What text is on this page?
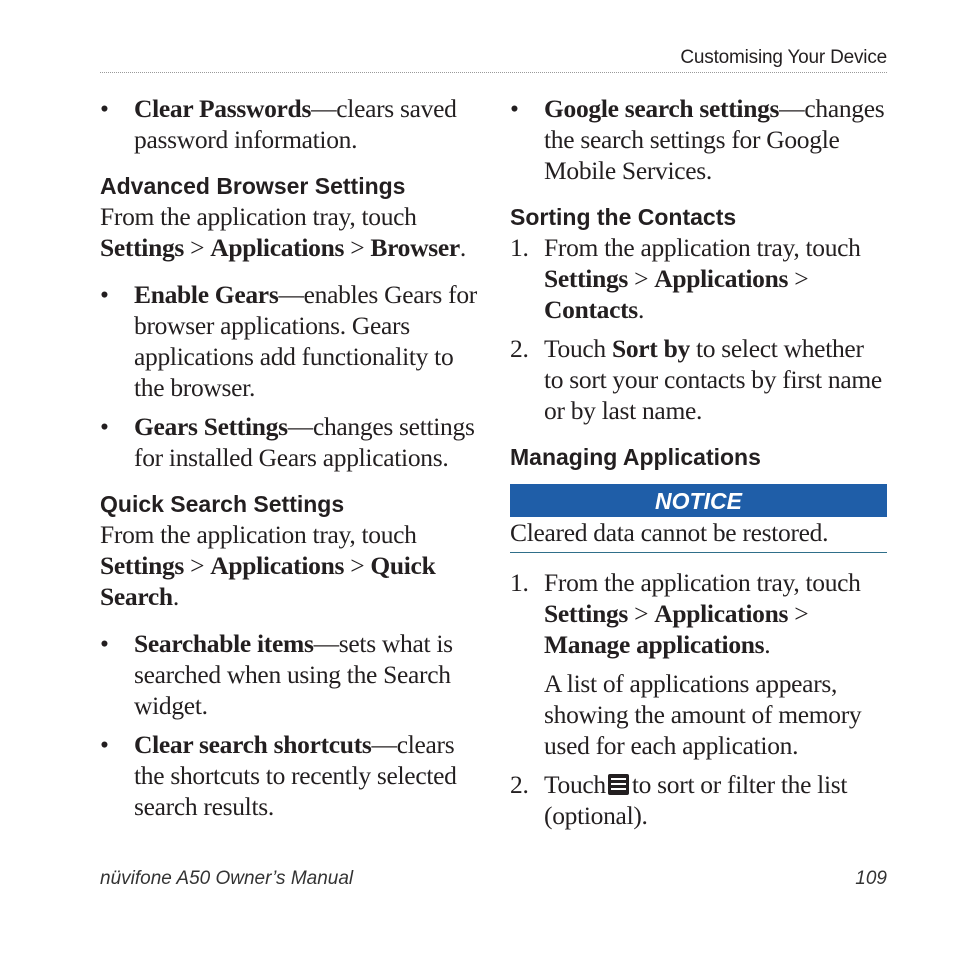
Customising Your Device
• Clear Passwords—clears saved password information.
Advanced Browser Settings
From the application tray, touch
Settings > Applications > Browser.
• Enable Gears—enables Gears for browser applications. Gears applications add functionality to the browser.
• Gears Settings—changes settings for installed Gears applications.
Quick Search Settings
From the application tray, touch
Settings > Applications > Quick Search.
• Searchable items—sets what is searched when using the Search widget.
• Clear search shortcuts—clears the shortcuts to recently selected search results.
• Google search settings—changes the search settings for Google Mobile Services.
Sorting the Contacts
1. From the application tray, touch Settings > Applications >
Contacts.
2. Touch Sort by to select whether to sort your contacts by first name or by last name.
Managing Applications
NOTICE
Cleared data cannot be restored.
1. From the application tray, touch Settings > Applications > Manage applications.
A list of applications appears, showing the amount of memory used for each application.
2. Touch to sort or filter the list (optional).
nüvifone A50 Owner’s Manual	109
